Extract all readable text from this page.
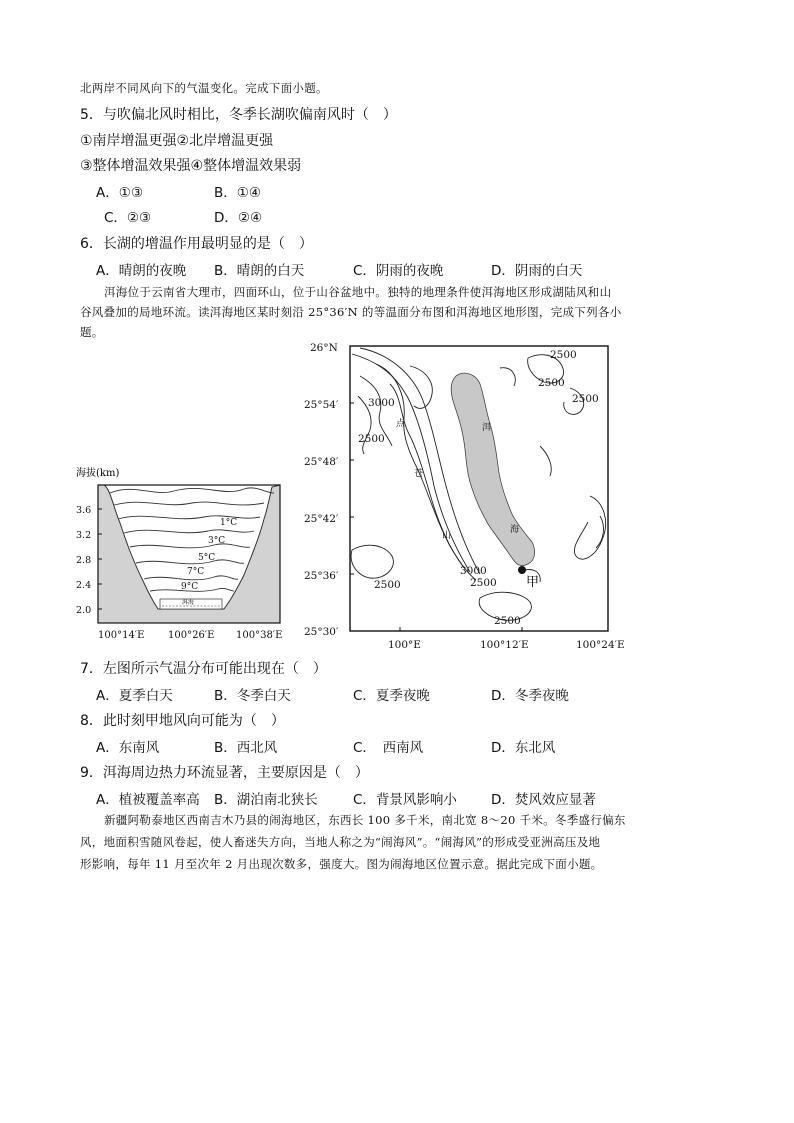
北两岸不同风向下的气温变化。完成下面小题。
5．与吹偏北风时相比，冬季长湖吹偏南风时（　）
①南岸增温更强②北岸增温更强
③整体增温效果强④整体增温效果弱
A．①③	B．①④
C．②③	D．②④
6．长湖的增温作用最明显的是（　）
A．晴朗的夜晚 B．晴朗的白天	C．阴雨的夜晚	D．阴雨的白天
洱海位于云南省大理市，四面环山，位于山谷盆地中。独特的地理条件使洱海地区形成湖陆风和山
谷风叠加的局地环流。读洱海地区某时刻沿 25°36′N 的等温面分布图和洱海地区地形图，完成下列各小
题。
海拔(km)
1°C
3°C
5°C
7°C
9°C
洱海
3.6
3.2
2.8
2.4
2.0
100°14′E 100°26′E 100°38′E
甲
2500
2500
2500
3000
2500
3000
2500
2500
2500
点
苍
山
洱
海
26°N
25°54′
25°48′
25°42′
25°36′
25°30′
100°E	100°12′E	100°24′E
7．左图所示气温分布可能出现在（　）
A．夏季白天	B．冬季白天	C．夏季夜晚	D．冬季夜晚
8．此时刻甲地风向可能为（　）
A．东南风	B．西北风	C．　西南风	D．东北风
9．洱海周边热力环流显著，主要原因是（　）
A．植被覆盖率高 B．湖泊南北狭长	C．背景风影响小	D．焚风效应显著
新疆阿勒泰地区西南吉木乃县的闹海地区，东西长 100 多千米，南北宽 8～20 千米。冬季盛行偏东
风，地面积雪随风卷起，使人畜迷失方向，当地人称之为“闹海风”。“闹海风”的形成受亚洲高压及地
形影响，每年 11 月至次年 2 月出现次数多，强度大。图为闹海地区位置示意。据此完成下面小题。
